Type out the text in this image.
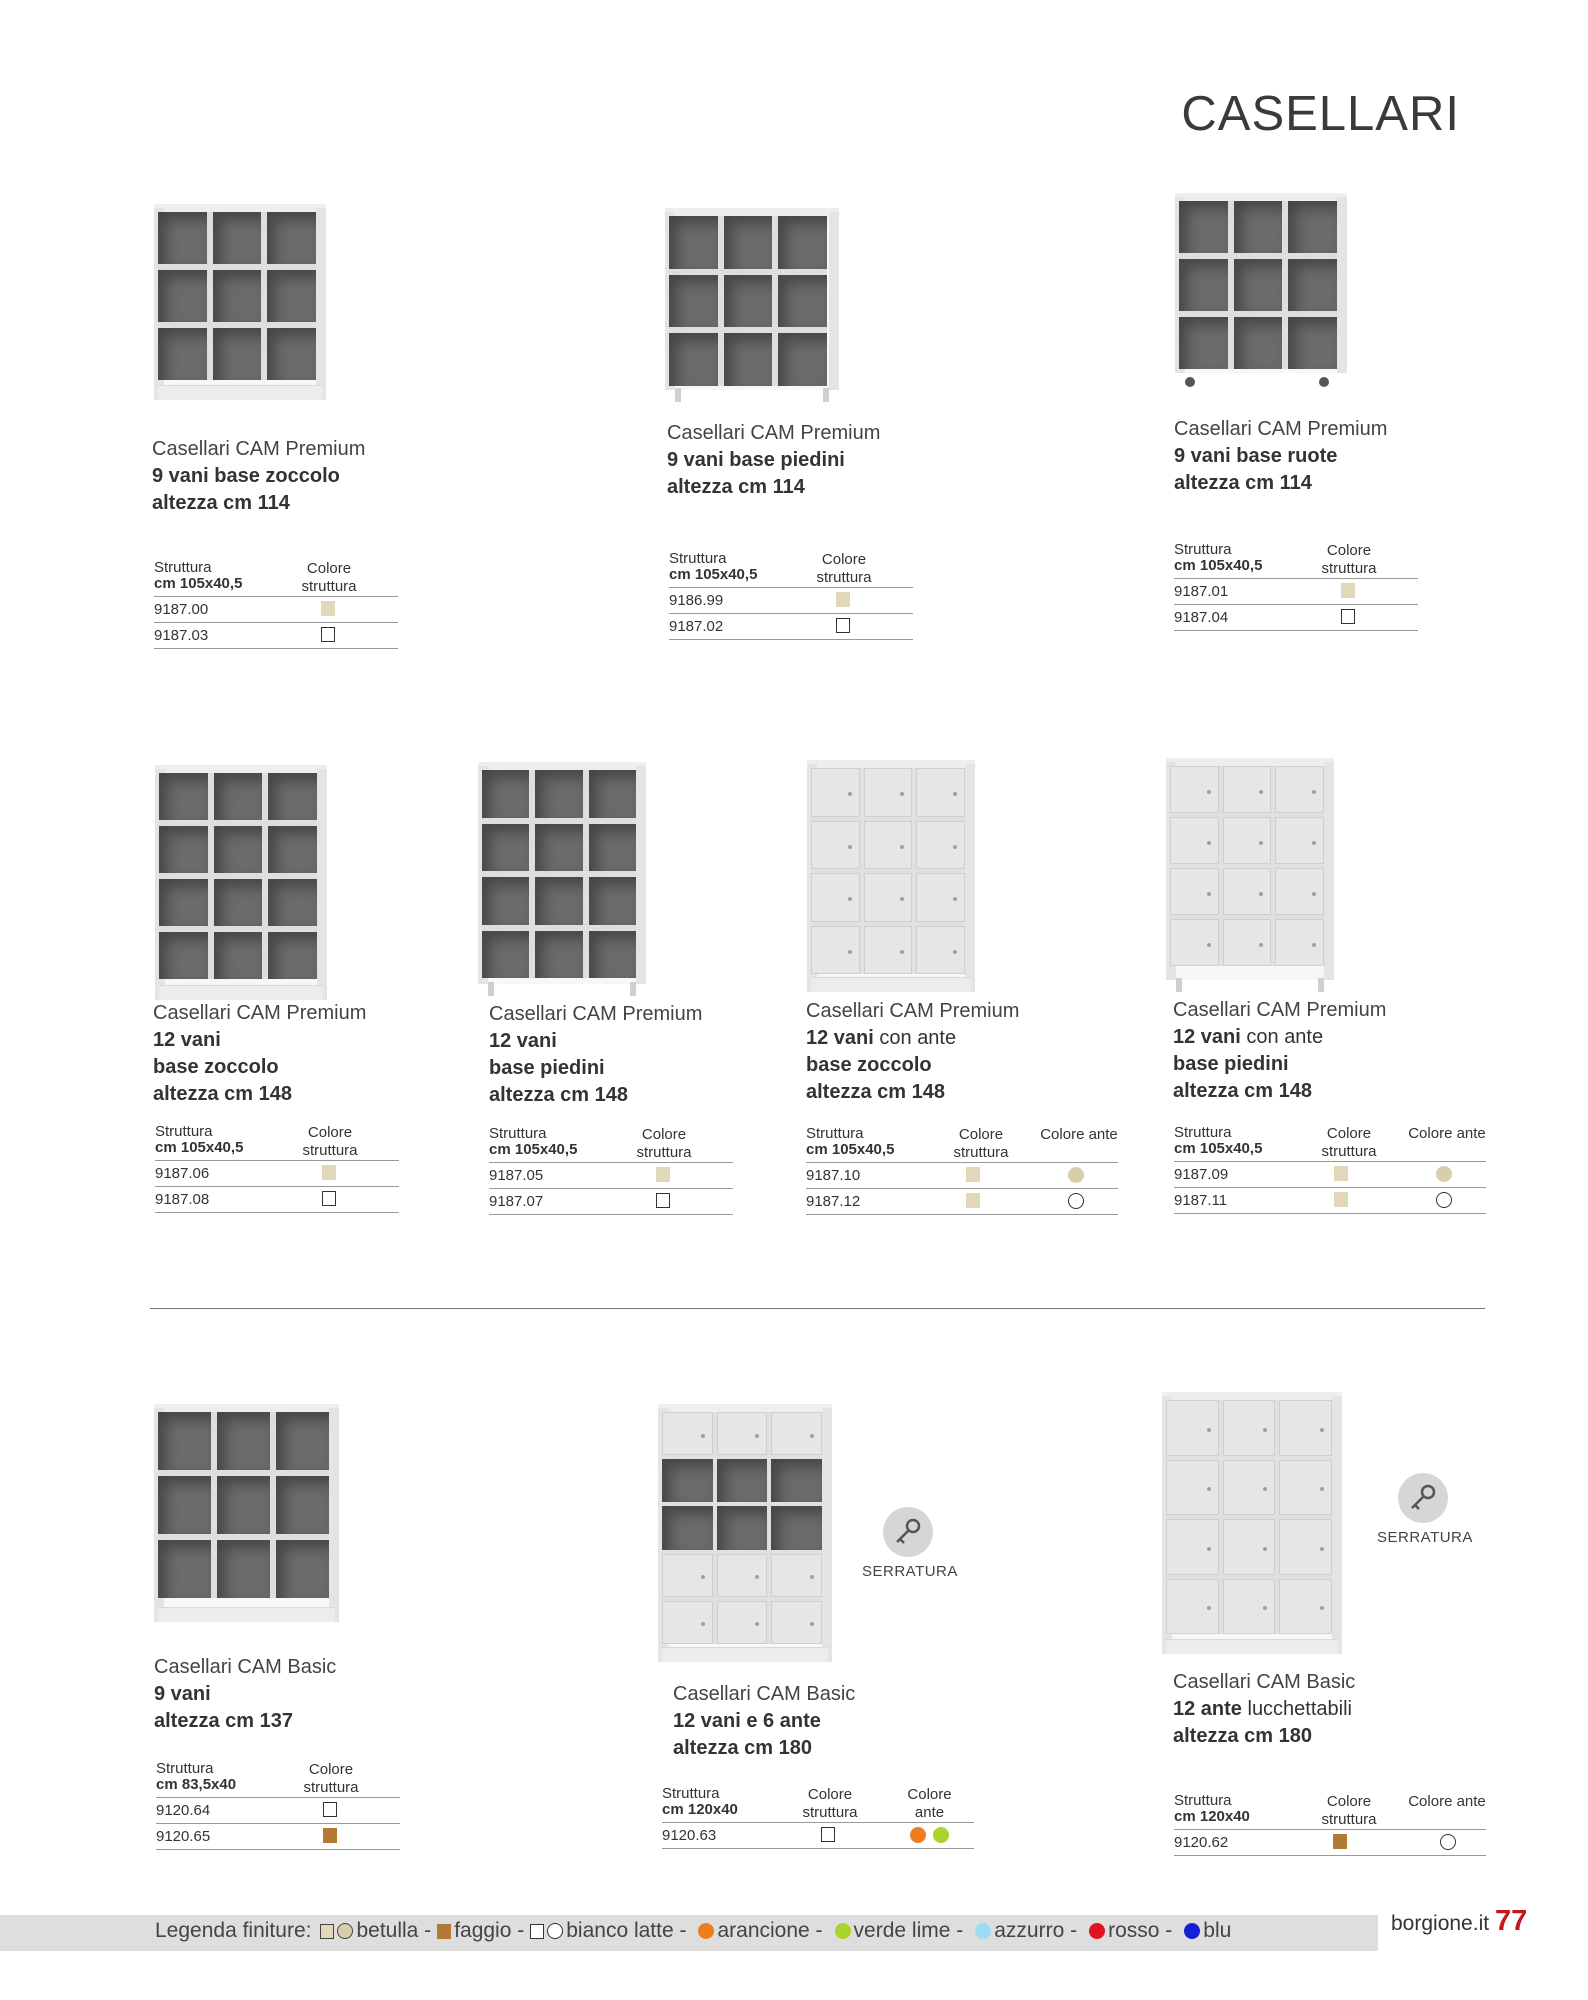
CASELLARI
Casellari CAM Premium
9 vani base zoccolo
altezza cm 114
Struttura
cm 105x40,5
Colore struttura
9187.00
9187.03
Casellari CAM Premium
9 vani base piedini
altezza cm 114
Struttura
cm 105x40,5
Colore struttura
9186.99
9187.02
Casellari CAM Premium
9 vani base ruote
altezza cm 114
Struttura
cm 105x40,5
Colore struttura
9187.01
9187.04
Casellari CAM Premium
12 vani
base zoccolo
altezza cm 148
Struttura
cm 105x40,5
Colore struttura
9187.06
9187.08
Casellari CAM Premium
12 vani
base piedini
altezza cm 148
Struttura
cm 105x40,5
Colore struttura
9187.05
9187.07
Casellari CAM Premium
12 vani con ante
base zoccolo
altezza cm 148
Struttura
cm 105x40,5
Colore struttura
Colore ante
9187.10
9187.12
Casellari CAM Premium
12 vani con ante
base piedini
altezza cm 148
Struttura
cm 105x40,5
Colore struttura
Colore ante
9187.09
9187.11
Casellari CAM Basic
9 vani
altezza cm 137
Struttura
cm 83,5x40
Colore struttura
9120.64
9120.65
SERRATURA
Casellari CAM Basic
12 vani e 6 ante
altezza cm 180
Struttura
cm 120x40
Colore struttura
Colore ante
9120.63
SERRATURA
Casellari CAM Basic
12 ante lucchettabili
altezza cm 180
Struttura
cm 120x40
Colore struttura
Colore ante
9120.62
Legenda finiture: betulla - faggio - bianco latte - arancione - verde lime - azzurro - rosso - blu	borgione.it 77
